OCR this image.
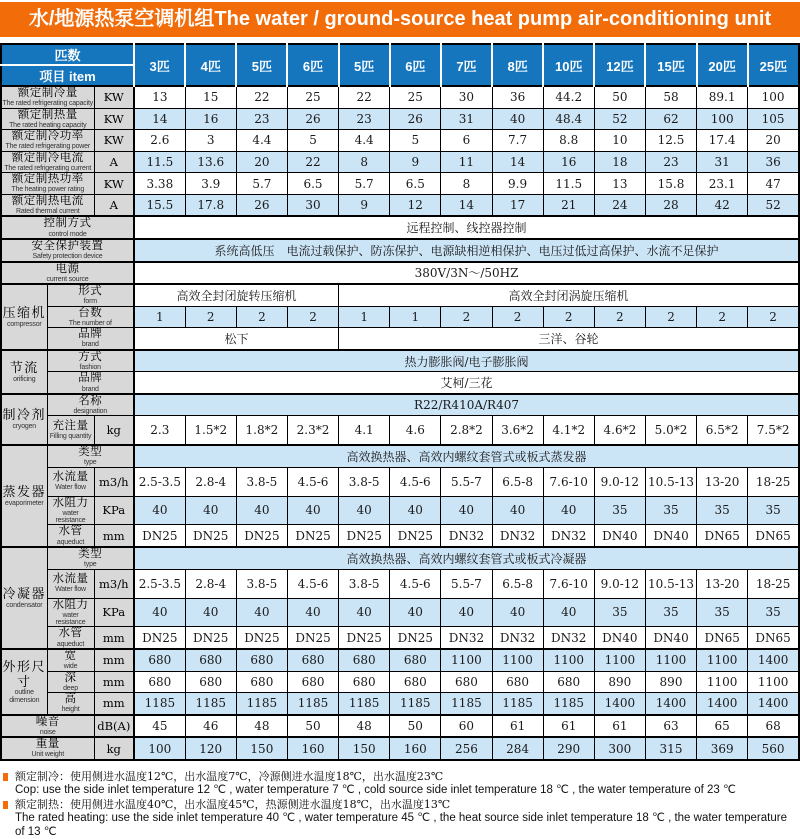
水/地源热泵空调机组The water / ground-source heat pump air-conditioning unit
匹数			3匹	4匹	5匹	6匹	5匹	6匹	7匹	8匹	10匹	12匹	15匹	20匹	25匹
项目 item															

额定制冷量
The rated refrigerating capacity		KW	13	15	22	25	22	25	30	36	44.2	50	58	89.1	100

额定制热量
The rated heating capacity		KW	14	16	23	26	23	26	31	40	48.4	52	62	100	105

额定制冷功率
The rated refrigerating power		KW	2.6	3	4.4	5	4.4	5	6	7.7	8.8	10	12.5	17.4	20

额定制冷电流
The rated refrigerating current		A	11.5	13.6	20	22	8	9	11	14	16	18	23	31	36

额定制热功率
The heating power rating		KW	3.38	3.9	5.7	6.5	5.7	6.5	8	9.9	11.5	13	15.8	23.1	47

额定制热电流
Rated thermal current		A	15.5	17.8	26	30	9	12	14	17	21	24	28	42	52

控制方式
control mode			远程控制、线控器控制												

安全保护装置
Safety protection device			系统高低压　电流过载保护、防冻保护、电源缺相逆相保护、电压过低过高保护、水流不足保护												

电源
current source			380V/3N～/50HZ												

压缩机
compressor

形式
form	高效全封闭旋转压缩机	高效全封闭涡旋压缩机

	台数
The number of		1	2	2	2	1	1	2	2	2	2	2	2	2

	品牌
brand		松下				三洋、谷轮								

节流
orificing

方式
fashion	热力膨胀阀/电子膨胀阀

	品牌
brand		艾柯/三花												

制冷剂
cryogen

名称
designation	R22/R410A/R407

	充注量
Filling quantity	kg	2.3	1.5*2	1.8*2	2.3*2	4.1	4.6	2.8*2	3.6*2	4.1*2	4.6*2	5.0*2	6.5*2	7.5*2

蒸发器
evaporimeter

类型
type	高效换热器、高效内螺纹套管式或板式蒸发器

	水流量
Water flow	m3/h	2.5-3.5	2.8-4	3.8-5	4.5-6	3.8-5	4.5-6	5.5-7	6.5-8	7.6-10	9.0-12	10.5-13	13-20	18-25

	水阻力
water resistance	KPa	40	40	40	40	40	40	40	40	40	35	35	35	35

	水管
aqueduct	mm	DN25	DN25	DN25	DN25	DN25	DN25	DN32	DN32	DN32	DN40	DN40	DN65	DN65

冷凝器
condensator

类型
type	高效换热器、高效内螺纹套管式或板式冷凝器

	水流量
Water flow	m3/h	2.5-3.5	2.8-4	3.8-5	4.5-6	3.8-5	4.5-6	5.5-7	6.5-8	7.6-10	9.0-12	10.5-13	13-20	18-25

	水阻力
water resistance	KPa	40	40	40	40	40	40	40	40	40	35	35	35	35

	水管
aqueduct	mm	DN25	DN25	DN25	DN25	DN25	DN25	DN32	DN32	DN32	DN40	DN40	DN65	DN65

外形尺寸
outline dimension

宽
wide	mm	680	680	680	680	680	680	1100	1100	1100	1100	1100	1100	1400

	深
deep	mm	680	680	680	680	680	680	680	680	680	890	890	1100	1100

	高
height	mm	1185	1185	1185	1185	1185	1185	1185	1185	1185	1400	1400	1400	1400

噪音
noise		dB(A)	45	46	48	50	48	50	60	61	61	61	63	65	68

重量
Unit weight		kg	100	120	150	160	150	160	256	284	290	300	315	369	560
额定制冷：使用侧进水温度12℃，出水温度7℃，冷源侧进水温度18℃，出水温度23℃
Cop: use the side inlet temperature 12 ℃ , water temperature 7 ℃ , cold source side inlet temperature 18 ℃ , the water temperature of 23 ℃
额定制热：使用侧进水温度40℃，出水温度45℃，热源侧进水温度18℃，出水温度13℃
The rated heating: use the side inlet temperature 40 ℃ , water temperature 45 ℃ , the heat source side inlet temperature 18 ℃ , the water temperature of 13 ℃
